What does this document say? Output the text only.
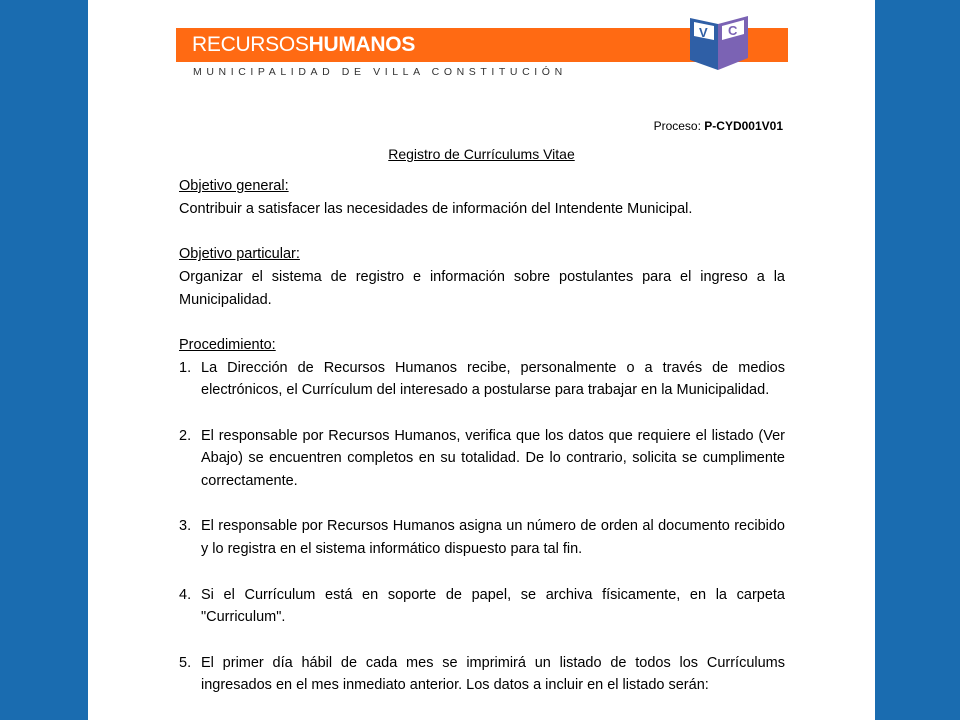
RECURSOSHUMANOS
MUNICIPALIDAD DE VILLA CONSTITUCIÓN
V C
Proceso: P-CYD001V01
Registro de Currículums Vitae

Objetivo general:

Contribuir a satisfacer las necesidades de información del Intendente Municipal.

Objetivo particular:

Organizar el sistema de registro e información sobre postulantes para el ingreso a la Municipalidad.

Procedimiento:

1. La Dirección de Recursos Humanos recibe, personalmente o a través de medios electrónicos, el Currículum del interesado a postularse para trabajar en la Municipalidad.
2. El responsable por Recursos Humanos, verifica que los datos que requiere el listado (Ver Abajo) se encuentren completos en su totalidad. De lo contrario, solicita se cumplimente correctamente.
3. El responsable por Recursos Humanos asigna un número de orden al documento recibido y lo registra en el sistema informático dispuesto para tal fin.
4. Si el Currículum está en soporte de papel, se archiva físicamente, en la carpeta "Curriculum".
5. El primer día hábil de cada mes se imprimirá un listado de todos los Currículums ingresados en el mes inmediato anterior. Los datos a incluir en el listado serán:
